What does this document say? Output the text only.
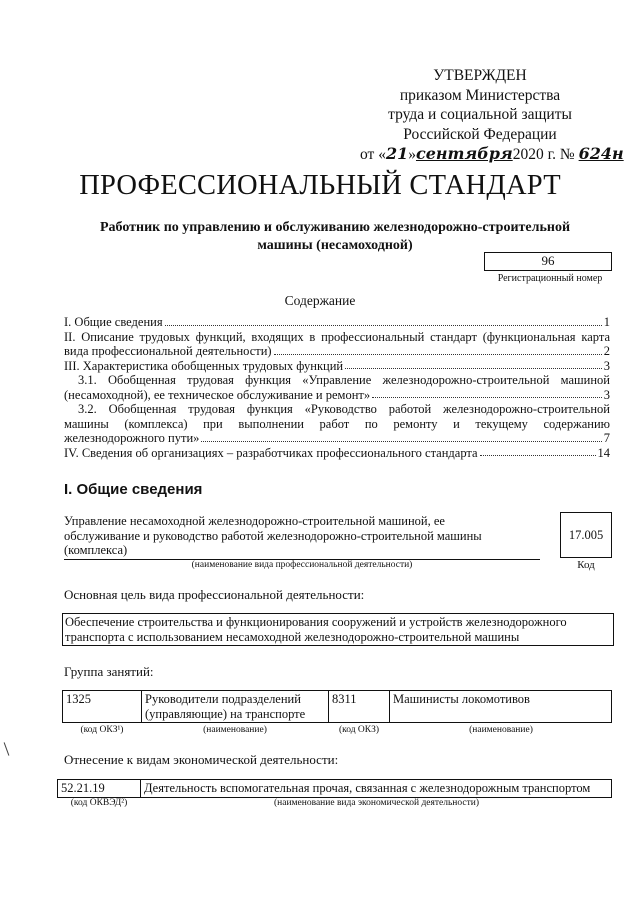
УТВЕРЖДЕН
приказом Министерства
труда и социальной защиты
Российской Федерации
от «21»сентября2020 г. № 624н
ПРОФЕССИОНАЛЬНЫЙ СТАНДАРТ
Работник по управлению и обслуживанию железнодорожно-строительной
машины (несамоходной)
96
Регистрационный номер
Содержание
I. Общие сведения	1
II. Описание трудовых функций, входящих в профессиональный стандарт (функциональная карта
вида профессиональной деятельности)	2
III. Характеристика обобщенных трудовых функций	3
3.1. Обобщенная трудовая функция «Управление железнодорожно-строительной машиной
(несамоходной), ее техническое обслуживание и ремонт»	3
3.2. Обобщенная трудовая функция «Руководство работой железнодорожно-строительной
машины (комплекса) при выполнении работ по ремонту и текущему содержанию
железнодорожного пути»	7
IV. Сведения об организациях – разработчиках профессионального стандарта	14
I. Общие сведения
Управление несамоходной железнодорожно-строительной машиной, ее
обслуживание и руководство работой железнодорожно-строительной машины
(комплекса)
(наименование вида профессиональной деятельности)
17.005
Код
Основная цель вида профессиональной деятельности:
Обеспечение строительства и функционирования сооружений и устройств железнодорожного
транспорта с использованием несамоходной железнодорожно-строительной машины
Группа занятий:
1325	Руководители подразделений
(управляющие) на транспорте
	8311	Машинисты локомотивов
(код ОКЗ¹)	(наименование)	(код ОКЗ)	(наименование)
Отнесение к видам экономической деятельности:
52.21.19	Деятельность вспомогательная прочая, связанная с железнодорожным транспортом
(код ОКВЭД²)	(наименование вида экономической деятельности)
